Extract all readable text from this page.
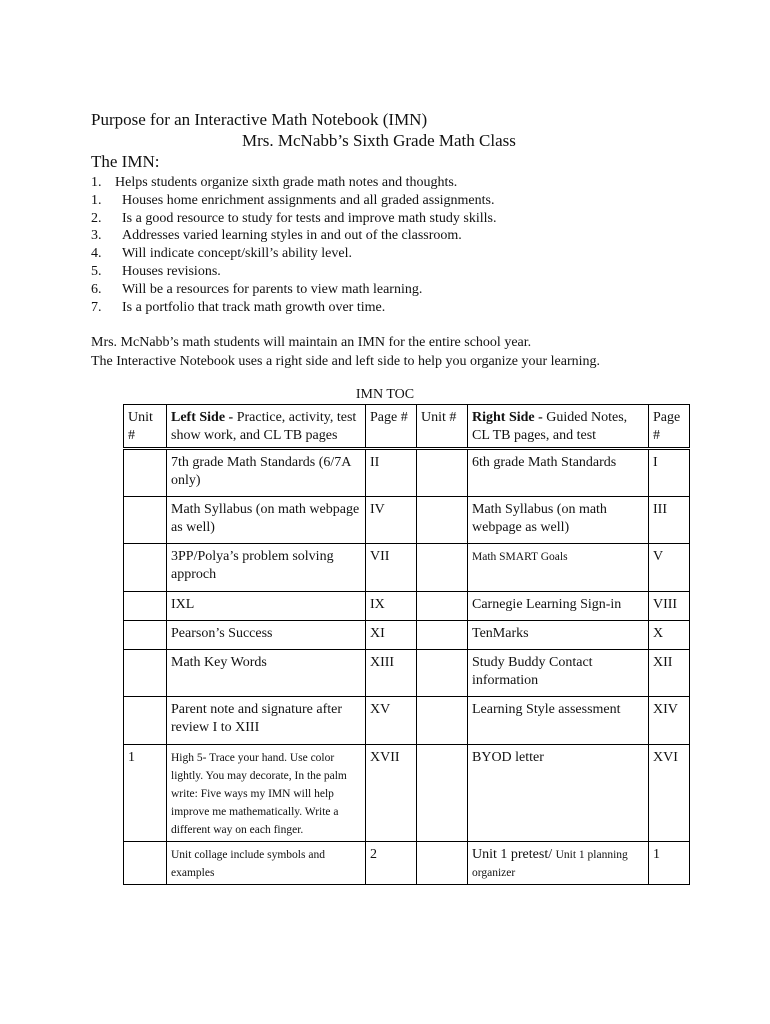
Purpose for an Interactive Math Notebook (IMN)
Mrs. McNabb’s Sixth Grade Math Class
The IMN:
1. Helps students organize sixth grade math notes and thoughts.
1. Houses home enrichment assignments and all graded assignments.
2. Is a good resource to study for tests and improve math study skills.
3. Addresses varied learning styles in and out of the classroom.
4. Will indicate concept/skill’s ability level.
5. Houses revisions.
6. Will be a resources for parents to view math learning.
7. Is a portfolio that track math growth over time.
Mrs. McNabb’s math students will maintain an IMN for the entire school year.
The Interactive Notebook uses a right side and left side to help you organize your learning.
IMN TOC
Unit #	Left Side - Practice, activity, test show work, and CL TB pages	Page #	Unit #	Right Side - Guided Notes, CL TB pages, and test	Page #
	7th grade Math Standards (6/7A only)	II		6th grade Math Standards	I
	Math Syllabus (on math webpage as well)	IV		Math Syllabus (on math webpage as well)	III
	3PP/Polya’s problem solving approch	VII		Math SMART Goals	V
	IXL	IX		Carnegie Learning Sign-in	VIII
	Pearson’s Success	XI		TenMarks	X
	Math Key Words	XIII		Study Buddy Contact information	XII
	Parent note and signature after review I to XIII	XV		Learning Style assessment	XIV
1	High 5- Trace your hand. Use color lightly. You may decorate, In the palm write: Five ways my IMN will help improve me mathematically. Write a different way on each finger.	XVII		BYOD letter	XVI
	Unit collage include symbols and examples	2		Unit 1 pretest/ Unit 1 planning organizer	1
